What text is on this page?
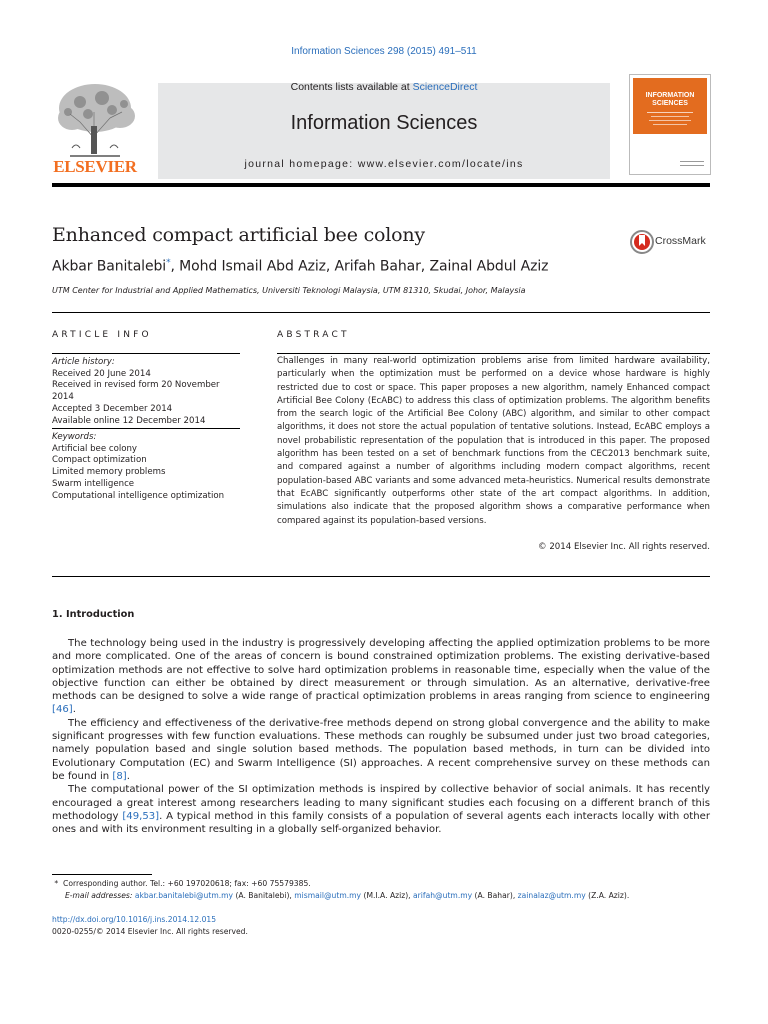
Information Sciences 298 (2015) 491–511
ELSEVIER
Contents lists available at ScienceDirect
Information Sciences
journal homepage: www.elsevier.com/locate/ins
INFORMATION
SCIENCES
Enhanced compact artificial bee colony	CrossMark
Akbar Banitalebi*, Mohd Ismail Abd Aziz, Arifah Bahar, Zainal Abdul Aziz
UTM Center for Industrial and Applied Mathematics, Universiti Teknologi Malaysia, UTM 81310, Skudai, Johor, Malaysia
ARTICLE INFO	ABSTRACT
Article history:
Received 20 June 2014
Received in revised form 20 November 2014
Accepted 3 December 2014
Available online 12 December 2014
Keywords:
Artificial bee colony
Compact optimization
Limited memory problems
Swarm intelligence
Computational intelligence optimization
Challenges in many real-world optimization problems arise from limited hardware availability, particularly when the optimization must be performed on a device whose hardware is highly restricted due to cost or space. This paper proposes a new algorithm, namely Enhanced compact Artificial Bee Colony (EcABC) to address this class of optimization problems. The algorithm benefits from the search logic of the Artificial Bee Colony (ABC) algorithm, and similar to other compact algorithms, it does not store the actual population of tentative solutions. Instead, EcABC employs a novel probabilistic representation of the population that is introduced in this paper. The proposed algorithm has been tested on a set of benchmark functions from the CEC2013 benchmark suite, and compared against a number of algorithms including modern compact algorithms, recent population-based ABC variants and some advanced meta-heuristics. Numerical results demonstrate that EcABC significantly outperforms other state of the art compact algorithms. In addition, simulations also indicate that the proposed algorithm shows a comparative performance when compared against its population-based versions.
© 2014 Elsevier Inc. All rights reserved.
1. Introduction

The technology being used in the industry is progressively developing affecting the applied optimization problems to be more and more complicated. One of the areas of concern is bound constrained optimization problems. The existing derivative-based optimization methods are not effective to solve hard optimization problems in reasonable time, especially when the value of the objective function can either be obtained by direct measurement or through simulation. As an alternative, derivative-free methods can be designed to solve a wide range of practical optimization problems in areas ranging from science to engineering [46].

The efficiency and effectiveness of the derivative-free methods depend on strong global convergence and the ability to make significant progresses with few function evaluations. These methods can roughly be subsumed under just two broad categories, namely population based and single solution based methods. The population based methods, in turn can be divided into Evolutionary Computation (EC) and Swarm Intelligence (SI) approaches. A recent comprehensive survey on these methods can be found in [8].

The computational power of the SI optimization methods is inspired by collective behavior of social animals. It has recently encouraged a great interest among researchers leading to many significant studies each focusing on a different branch of this methodology [49,53]. A typical method in this family consists of a population of several agents each interacts locally with other ones and with its environment resulting in a globally self-organized behavior.

* Corresponding author. Tel.: +60 197020618; fax: +60 75579385.
E-mail addresses: akbar.banitalebi@utm.my (A. Banitalebi), mismail@utm.my (M.I.A. Aziz), arifah@utm.my (A. Bahar), zainalaz@utm.my (Z.A. Aziz).
http://dx.doi.org/10.1016/j.ins.2014.12.015
0020-0255/© 2014 Elsevier Inc. All rights reserved.
